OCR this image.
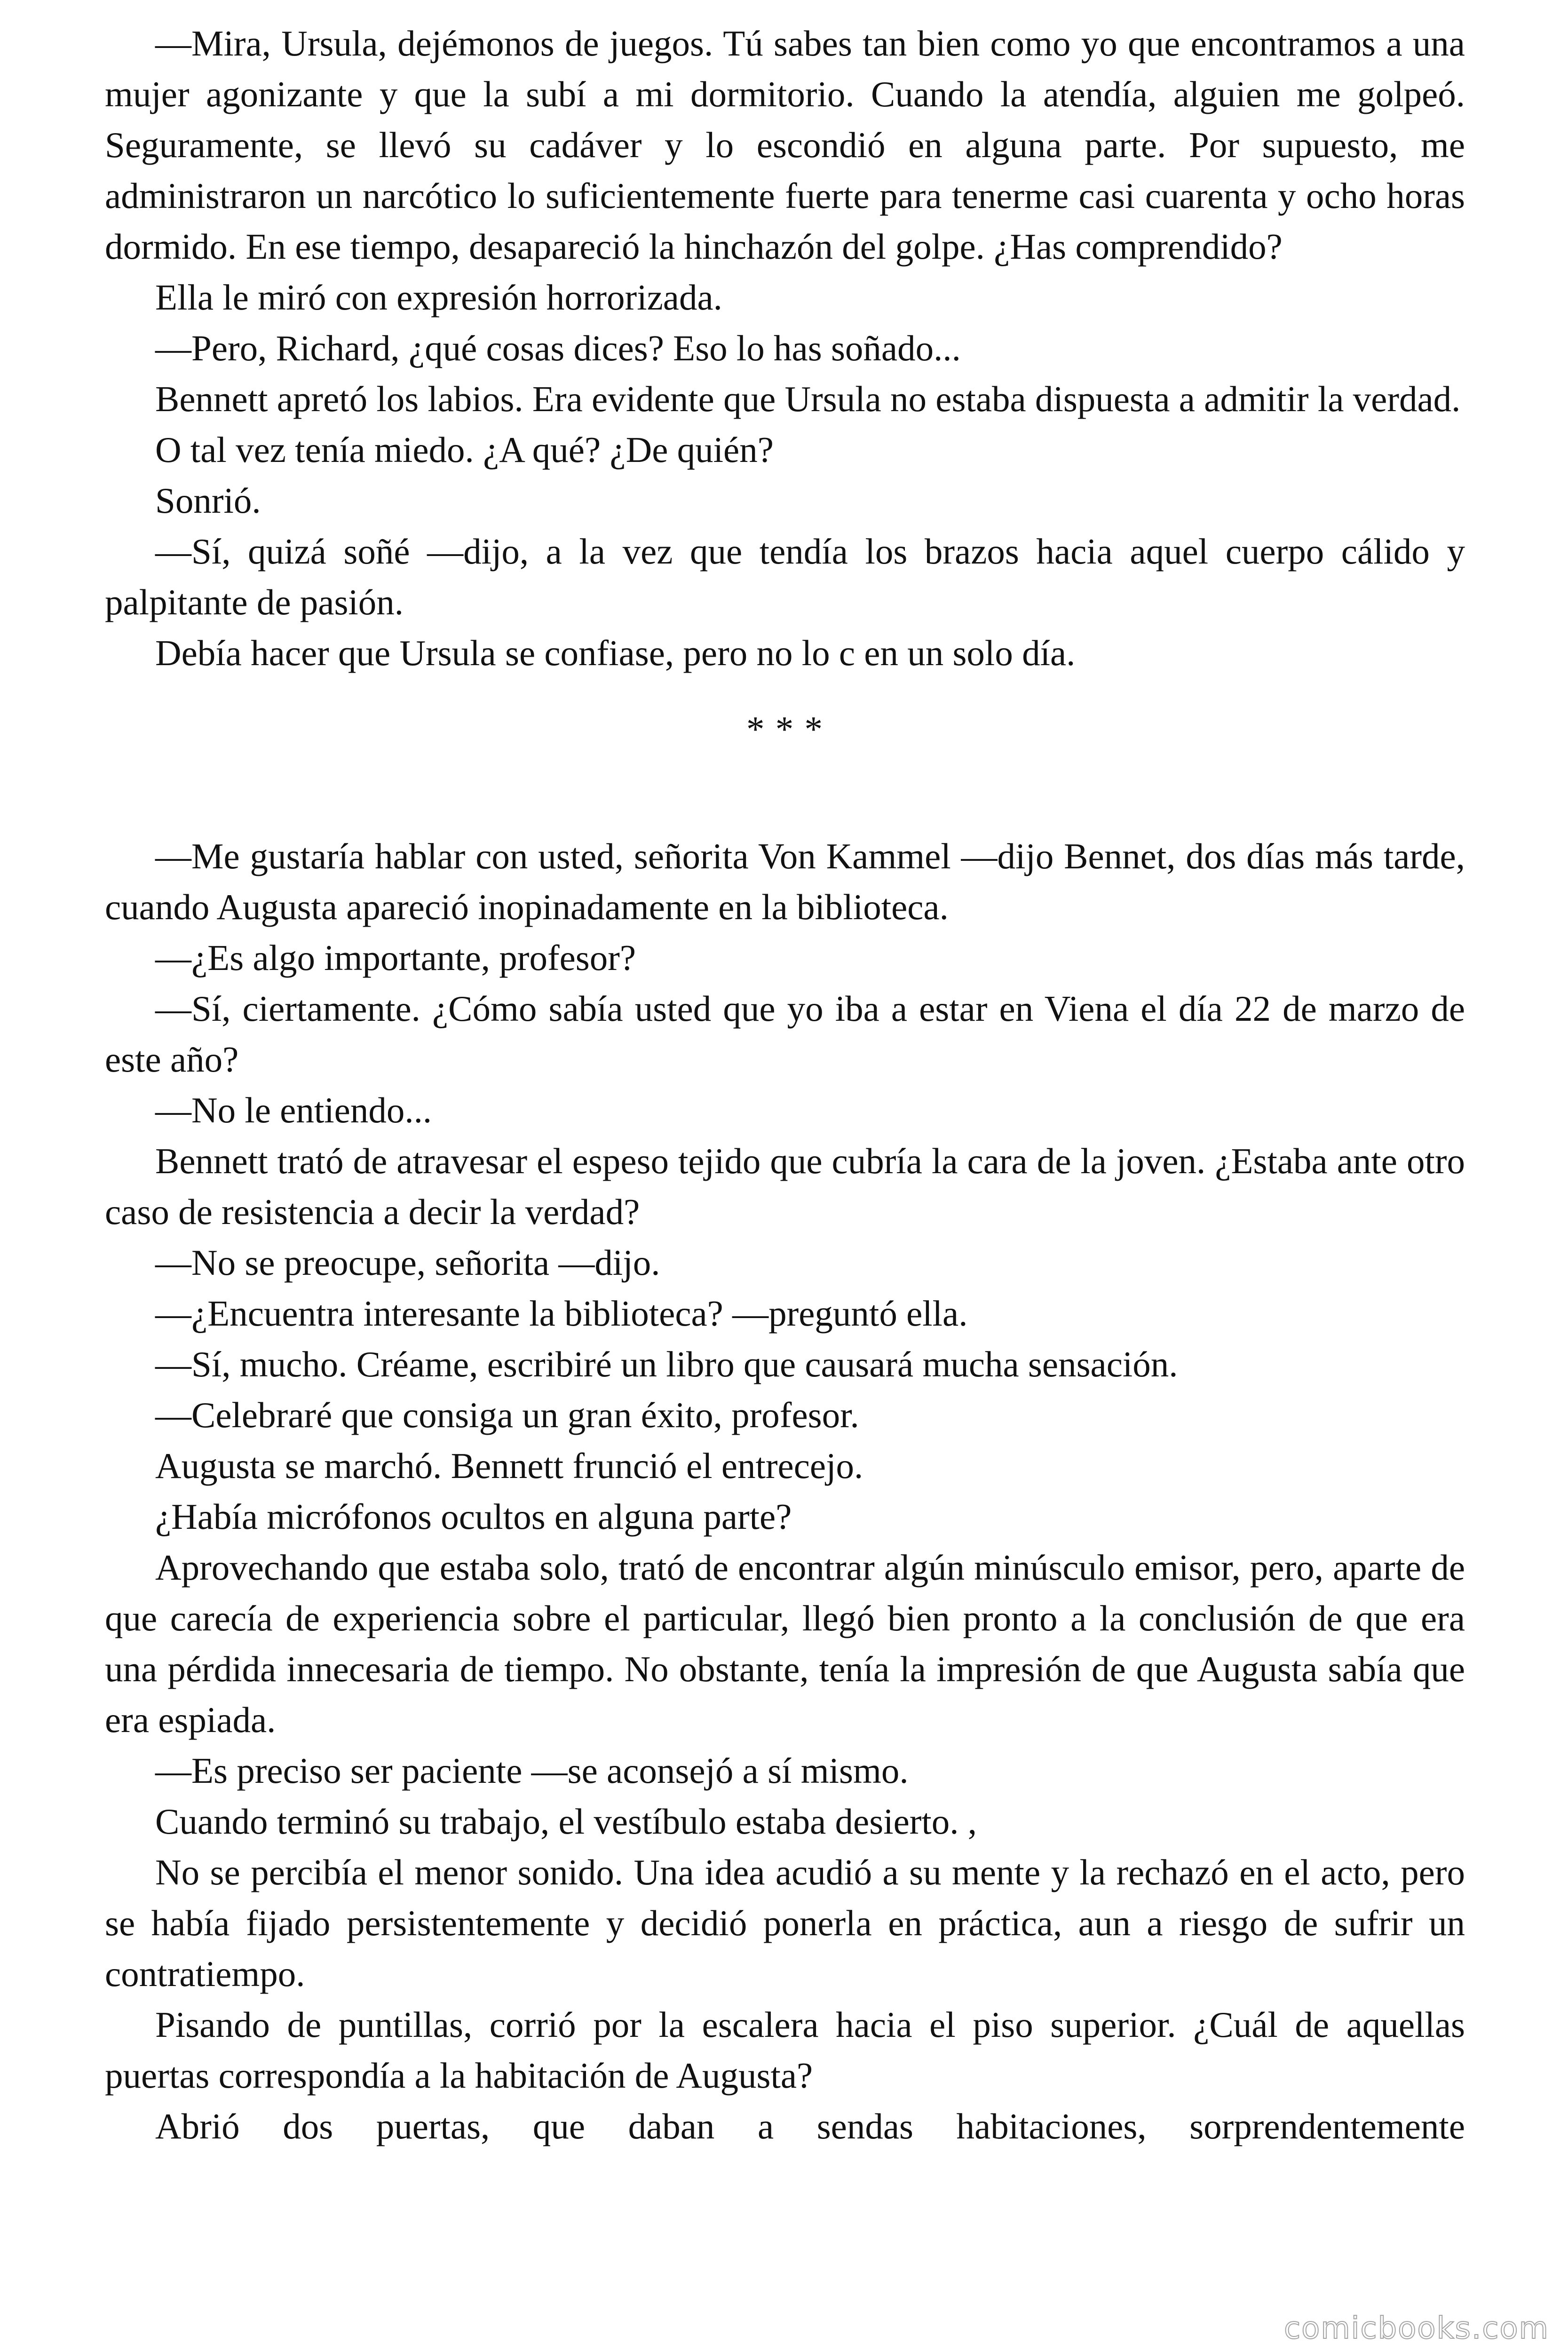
—Mira, Ursula, dejémonos de juegos. Tú sabes tan bien como yo que encontramos a una mujer agonizante y que la subí a mi dormitorio. Cuando la atendía, alguien me golpeó. Seguramente, se llevó su cadáver y lo escondió en alguna parte. Por supuesto, me administraron un narcótico lo suficientemente fuerte para tenerme casi cuarenta y ocho horas dormido. En ese tiempo, desapareció la hinchazón del golpe. ¿Has comprendido?

Ella le miró con expresión horrorizada.

—Pero, Richard, ¿qué cosas dices? Eso lo has soñado...

Bennett apretó los labios. Era evidente que Ursula no estaba dispuesta a admitir la verdad.

O tal vez tenía miedo. ¿A qué? ¿De quién?

Sonrió.

—Sí, quizá soñé —dijo, a la vez que tendía los brazos hacia aquel cuerpo cálido y palpitante de pasión.

Debía hacer que Ursula se confiase, pero no lo c en un solo día.

* * *

—Me gustaría hablar con usted, señorita Von Kammel —dijo Bennet, dos días más tarde, cuando Augusta apareció inopinadamente en la biblioteca.

—¿Es algo importante, profesor?

—Sí, ciertamente. ¿Cómo sabía usted que yo iba a estar en Viena el día 22 de marzo de este año?

—No le entiendo...

Bennett trató de atravesar el espeso tejido que cubría la cara de la joven. ¿Estaba ante otro caso de resistencia a decir la verdad?

—No se preocupe, señorita —dijo.

—¿Encuentra interesante la biblioteca? —preguntó ella.

—Sí, mucho. Créame, escribiré un libro que causará mucha sensación.

—Celebraré que consiga un gran éxito, profesor.

Augusta se marchó. Bennett frunció el entrecejo.

¿Había micrófonos ocultos en alguna parte?

Aprovechando que estaba solo, trató de encontrar algún minúsculo emisor, pero, aparte de que carecía de experiencia sobre el particular, llegó bien pronto a la conclusión de que era una pérdida innecesaria de tiempo. No obstante, tenía la impresión de que Augusta sabía que era espiada.

—Es preciso ser paciente —se aconsejó a sí mismo.

Cuando terminó su trabajo, el vestíbulo estaba desierto. ,

No se percibía el menor sonido. Una idea acudió a su mente y la rechazó en el acto, pero se había fijado persistentemente y decidió ponerla en práctica, aun a riesgo de sufrir un contratiempo.

Pisando de puntillas, corrió por la escalera hacia el piso superior. ¿Cuál de aquellas puertas correspondía a la habitación de Augusta?

Abrió dos puertas, que daban a sendas habitaciones, sorprendentemente

comicbooks.com
